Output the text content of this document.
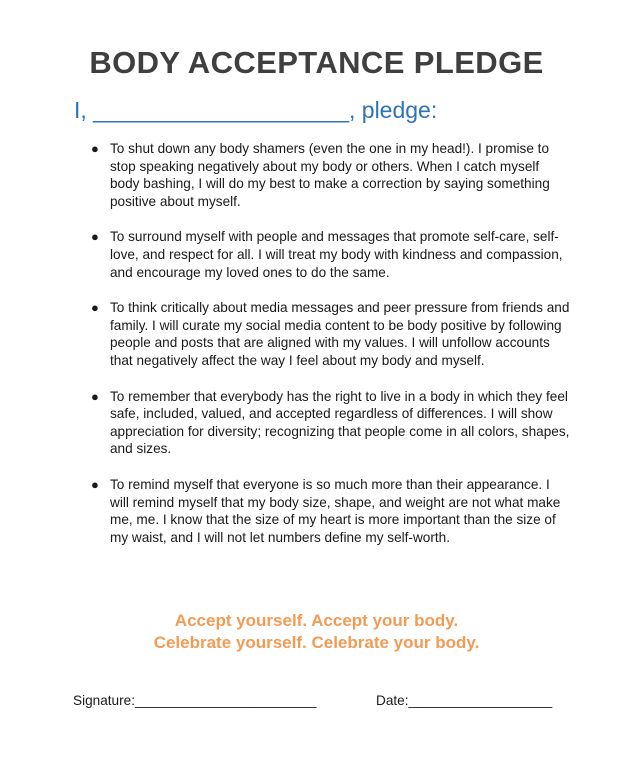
BODY ACCEPTANCE PLEDGE
I, ____________________, pledge:
● To shut down any body shamers (even the one in my head!). I promise to stop speaking negatively about my body or others. When I catch myself body bashing, I will do my best to make a correction by saying something positive about myself.
● To surround myself with people and messages that promote self-care, self-love, and respect for all. I will treat my body with kindness and compassion, and encourage my loved ones to do the same.
● To think critically about media messages and peer pressure from friends and family. I will curate my social media content to be body positive by following people and posts that are aligned with my values. I will unfollow accounts that negatively affect the way I feel about my body and myself.
● To remember that everybody has the right to live in a body in which they feel safe, included, valued, and accepted regardless of differences. I will show appreciation for diversity; recognizing that people come in all colors, shapes, and sizes.
● To remind myself that everyone is so much more than their appearance. I will remind myself that my body size, shape, and weight are not what make me, me. I know that the size of my heart is more important than the size of my waist, and I will not let numbers define my self-worth.
Accept yourself. Accept your body.
Celebrate yourself. Celebrate your body.
Signature:________________________	Date:___________________
